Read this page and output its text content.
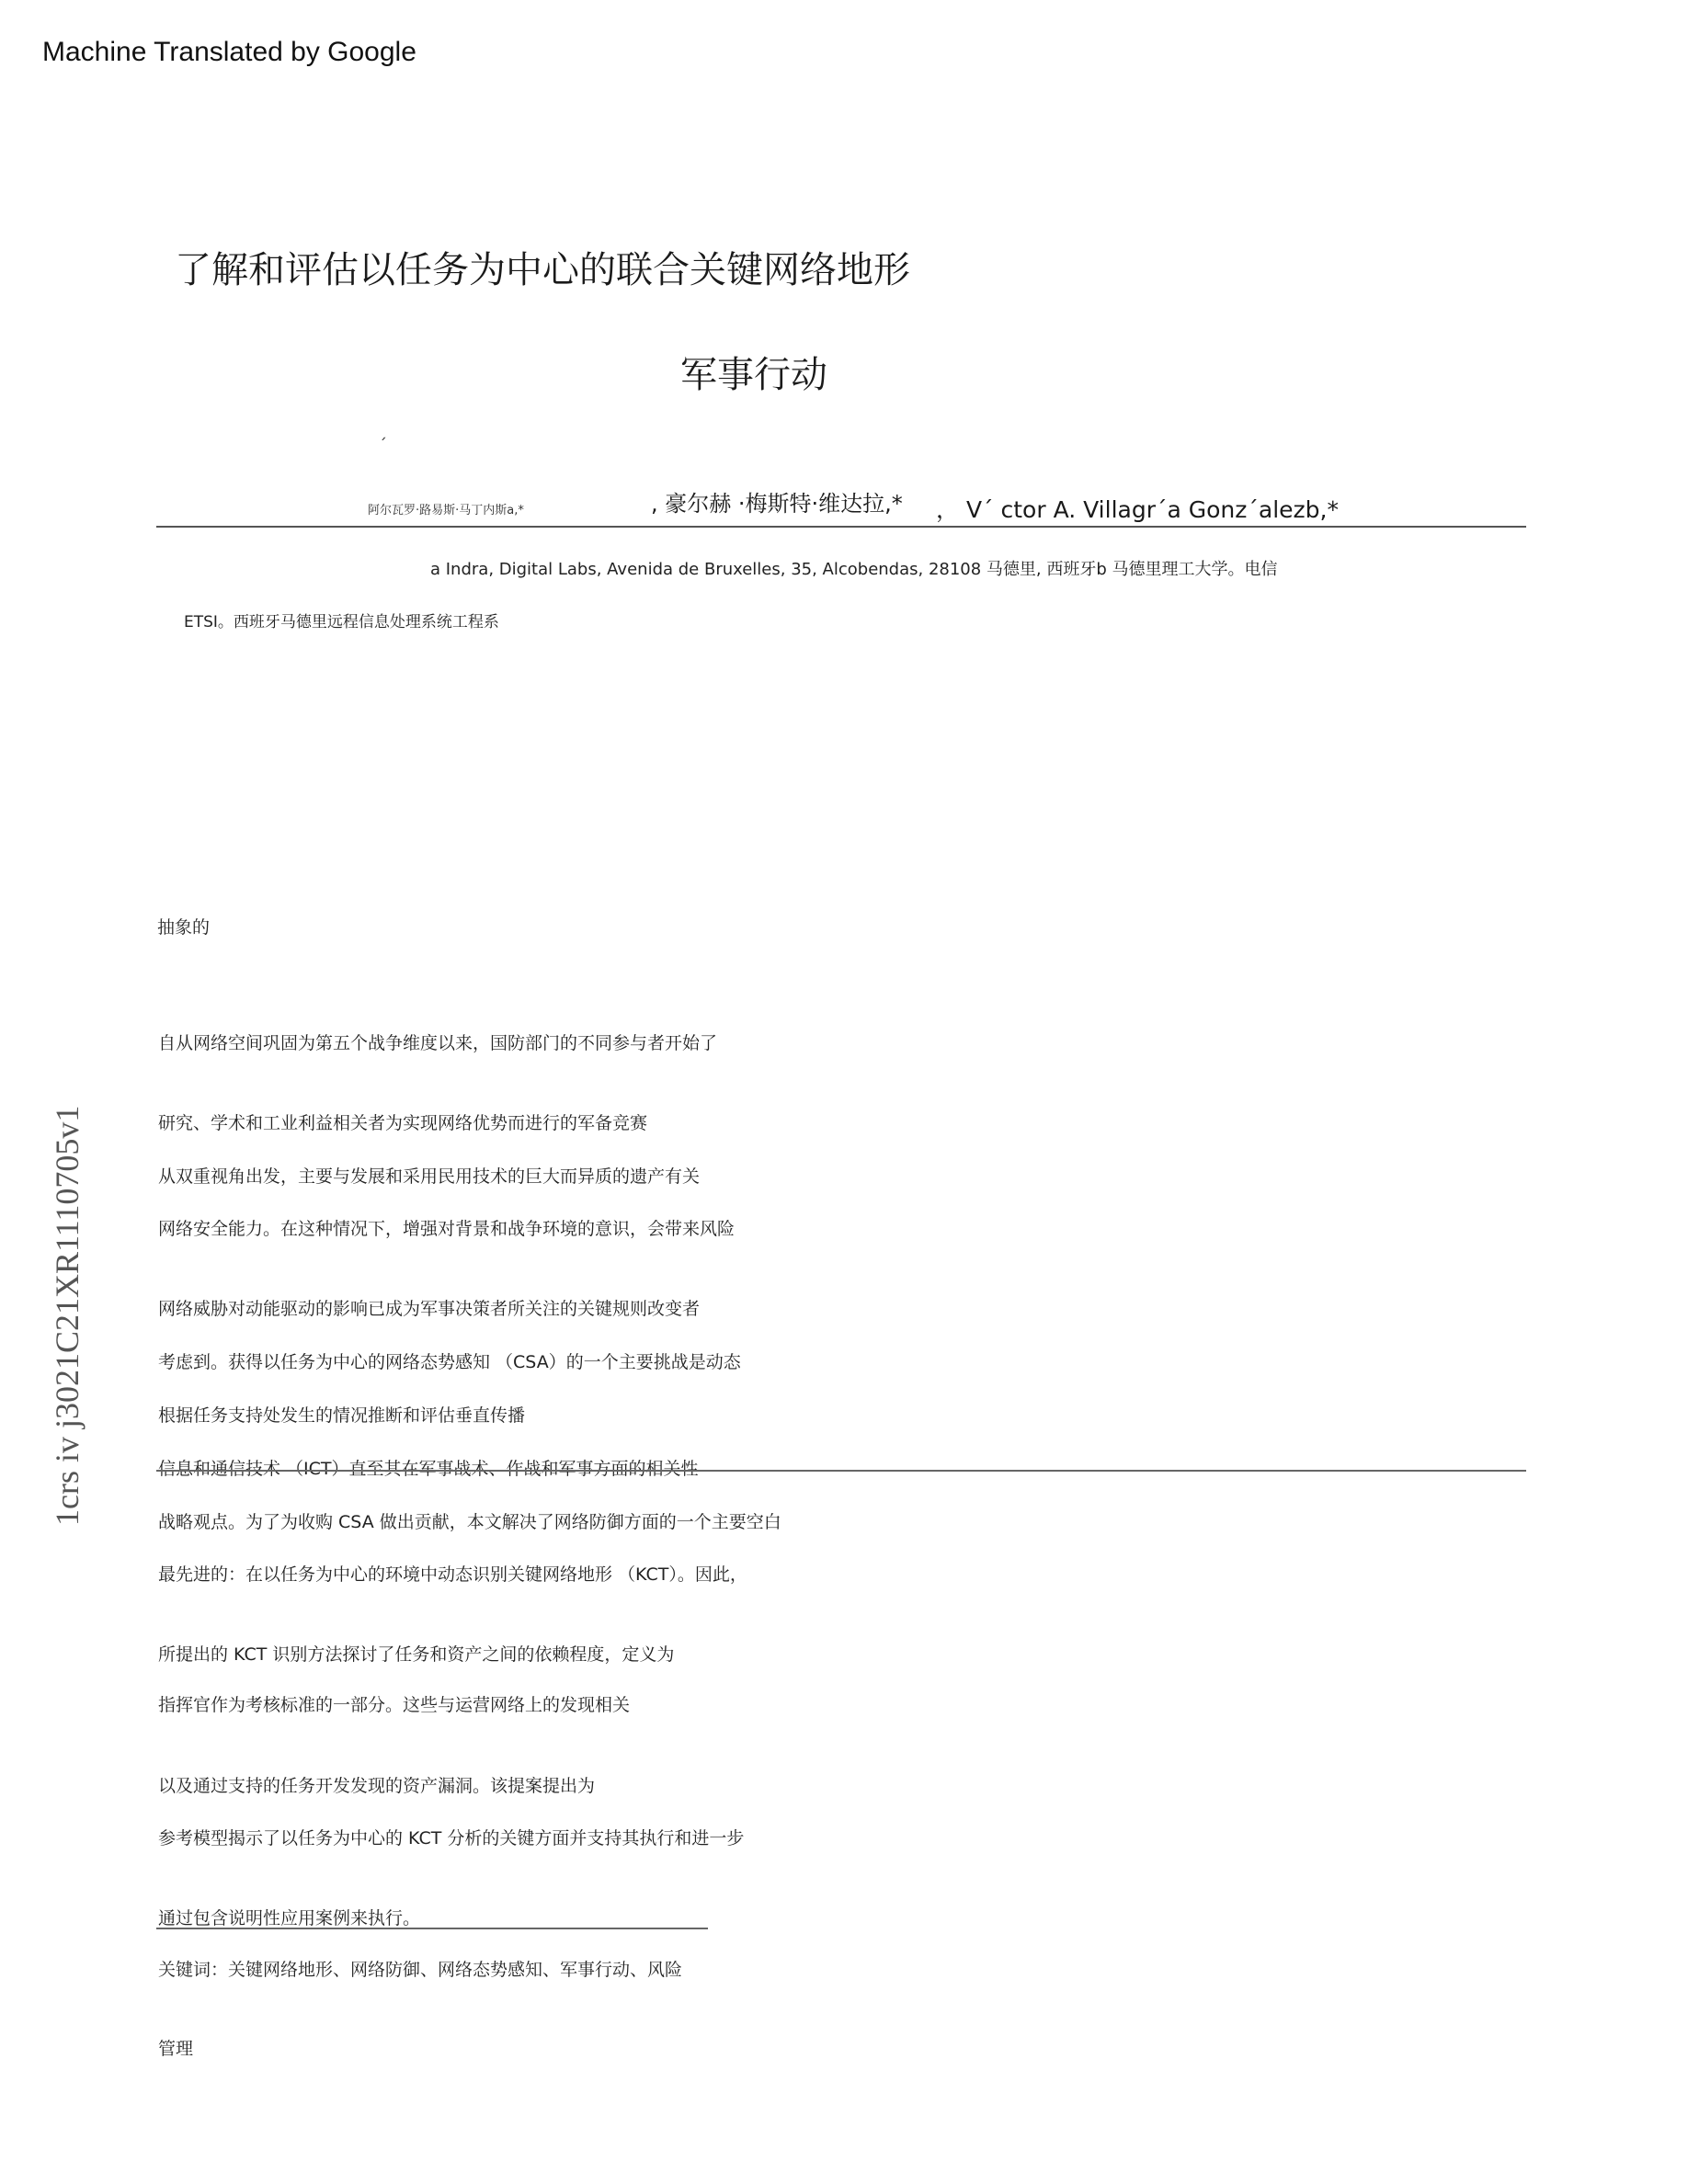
Machine Translated by Google
了解和评估以任务为中心的联合关键网络地形
军事行动
´
阿尔瓦罗·路易斯·马丁内斯a,*	, 豪尔赫 ·梅斯特·维达拉,* ， V´ ctor A. Villagr´a Gonz´alezb,*
a Indra, Digital Labs, Avenida de Bruxelles, 35, Alcobendas, 28108 马德里, 西班牙b 马德里理工大学。电信
ETSI。西班牙马德里远程信息处理系统工程系
抽象的
自从网络空间巩固为第五个战争维度以来，国防部门的不同参与者开始了
研究、学术和工业利益相关者为实现网络优势而进行的军备竞赛
从双重视角出发，主要与发展和采用民用技术的巨大而异质的遗产有关
网络安全能力。在这种情况下，增强对背景和战争环境的意识，会带来风险
网络威胁对动能驱动的影响已成为军事决策者所关注的关键规则改变者
考虑到。获得以任务为中心的网络态势感知 （CSA）的一个主要挑战是动态
根据任务支持处发生的情况推断和评估垂直传播
信息和通信技术 （ICT）直至其在军事战术、作战和军事方面的相关性
战略观点。为了为收购 CSA 做出贡献，本文解决了网络防御方面的一个主要空白
最先进的：在以任务为中心的环境中动态识别关键网络地形 （KCT）。因此，
所提出的 KCT 识别方法探讨了任务和资产之间的依赖程度，定义为
指挥官作为考核标准的一部分。这些与运营网络上的发现相关
以及通过支持的任务开发发现的资产漏洞。该提案提出为
参考模型揭示了以任务为中心的 KCT 分析的关键方面并支持其执行和进一步
通过包含说明性应用案例来执行。
关键词：关键网络地形、网络防御、网络态势感知、军事行动、风险
管理
1crs iv j3021C21XR1110705v1
